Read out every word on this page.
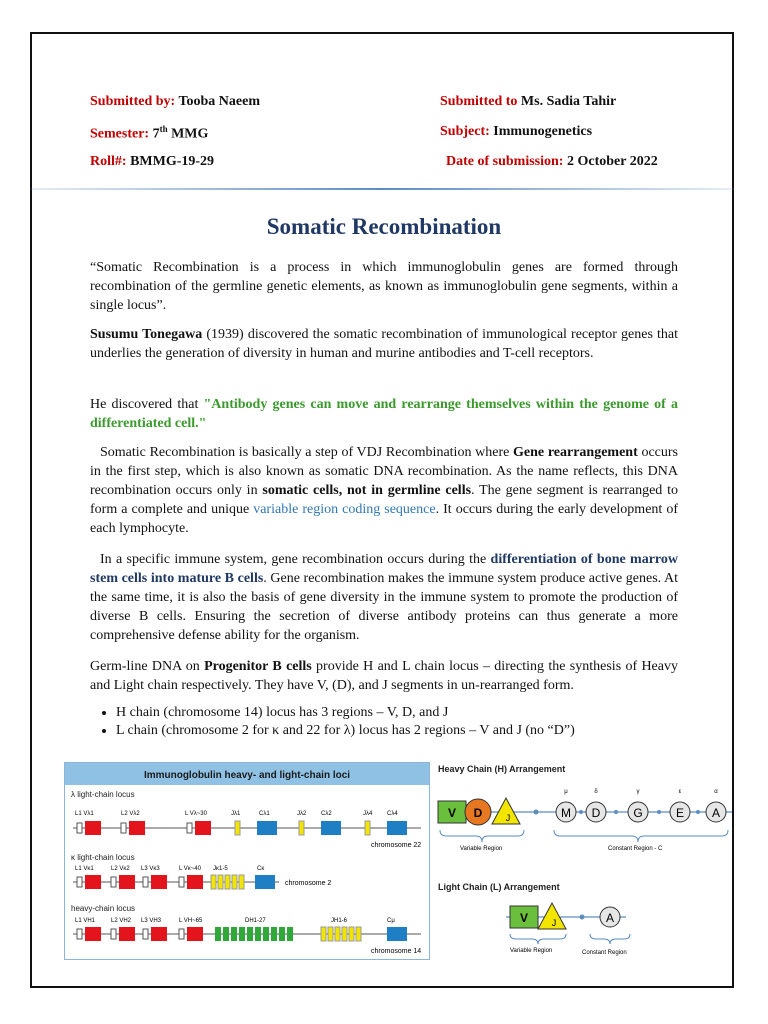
Submitted by: Tooba Naeem	Submitted to Ms. Sadia Tahir
Semester: 7th MMG	Subject: Immunogenetics
Roll#: BMMG-19-29	Date of submission: 2 October 2022
Somatic Recombination
“Somatic Recombination is a process in which immunoglobulin genes are formed through recombination of the germline genetic elements, as known as immunoglobulin gene segments, within a single locus”.
Susumu Tonegawa (1939) discovered the somatic recombination of immunological receptor genes that underlies the generation of diversity in human and murine antibodies and T-cell receptors.
He discovered that "Antibody genes can move and rearrange themselves within the genome of a differentiated cell."
Somatic Recombination is basically a step of VDJ Recombination where Gene rearrangement occurs in the first step, which is also known as somatic DNA recombination. As the name reflects, this DNA recombination occurs only in somatic cells, not in germline cells. The gene segment is rearranged to form a complete and unique variable region coding sequence. It occurs during the early development of each lymphocyte.
In a specific immune system, gene recombination occurs during the differentiation of bone marrow stem cells into mature B cells. Gene recombination makes the immune system produce active genes. At the same time, it is also the basis of gene diversity in the immune system to promote the production of diverse B cells. Ensuring the secretion of diverse antibody proteins can thus generate a more comprehensive defense ability for the organism.
Germ-line DNA on Progenitor B cells provide H and L chain locus – directing the synthesis of Heavy and Light chain respectively. They have V, (D), and J segments in un-rearranged form.
• H chain (chromosome 14) locus has 3 regions – V, D, and J
• L chain (chromosome 2 for κ and 22 for λ) locus has 2 regions – V and J (no “D”)
Immunoglobulin heavy- and light-chain loci
λ light-chain locus
κ light-chain locus
heavy-chain locus
L1 Vλ1	L2 Vλ2	L Vλ~30	Jλ1	Cλ1	Jλ2 Cλ2	Jλ4 Cλ4
chromosome 22
L1 Vκ1	L2 Vκ2 L3 Vκ3	L Vκ~40 Jκ1-5	Cκ
chromosome 2
L1 VH1	L2 VH2 L3 VH3	L VH~65	DH1-27	JH1-6	Cμ
chromosome 14
Heavy Chain (H) Arrangement
V D	J
μ	δ	γ	ε	α
M D	G	E A
Variable Region	Constant Region - C
Light Chain (L) Arrangement
V	J	A
Variable Region	Constant Region
